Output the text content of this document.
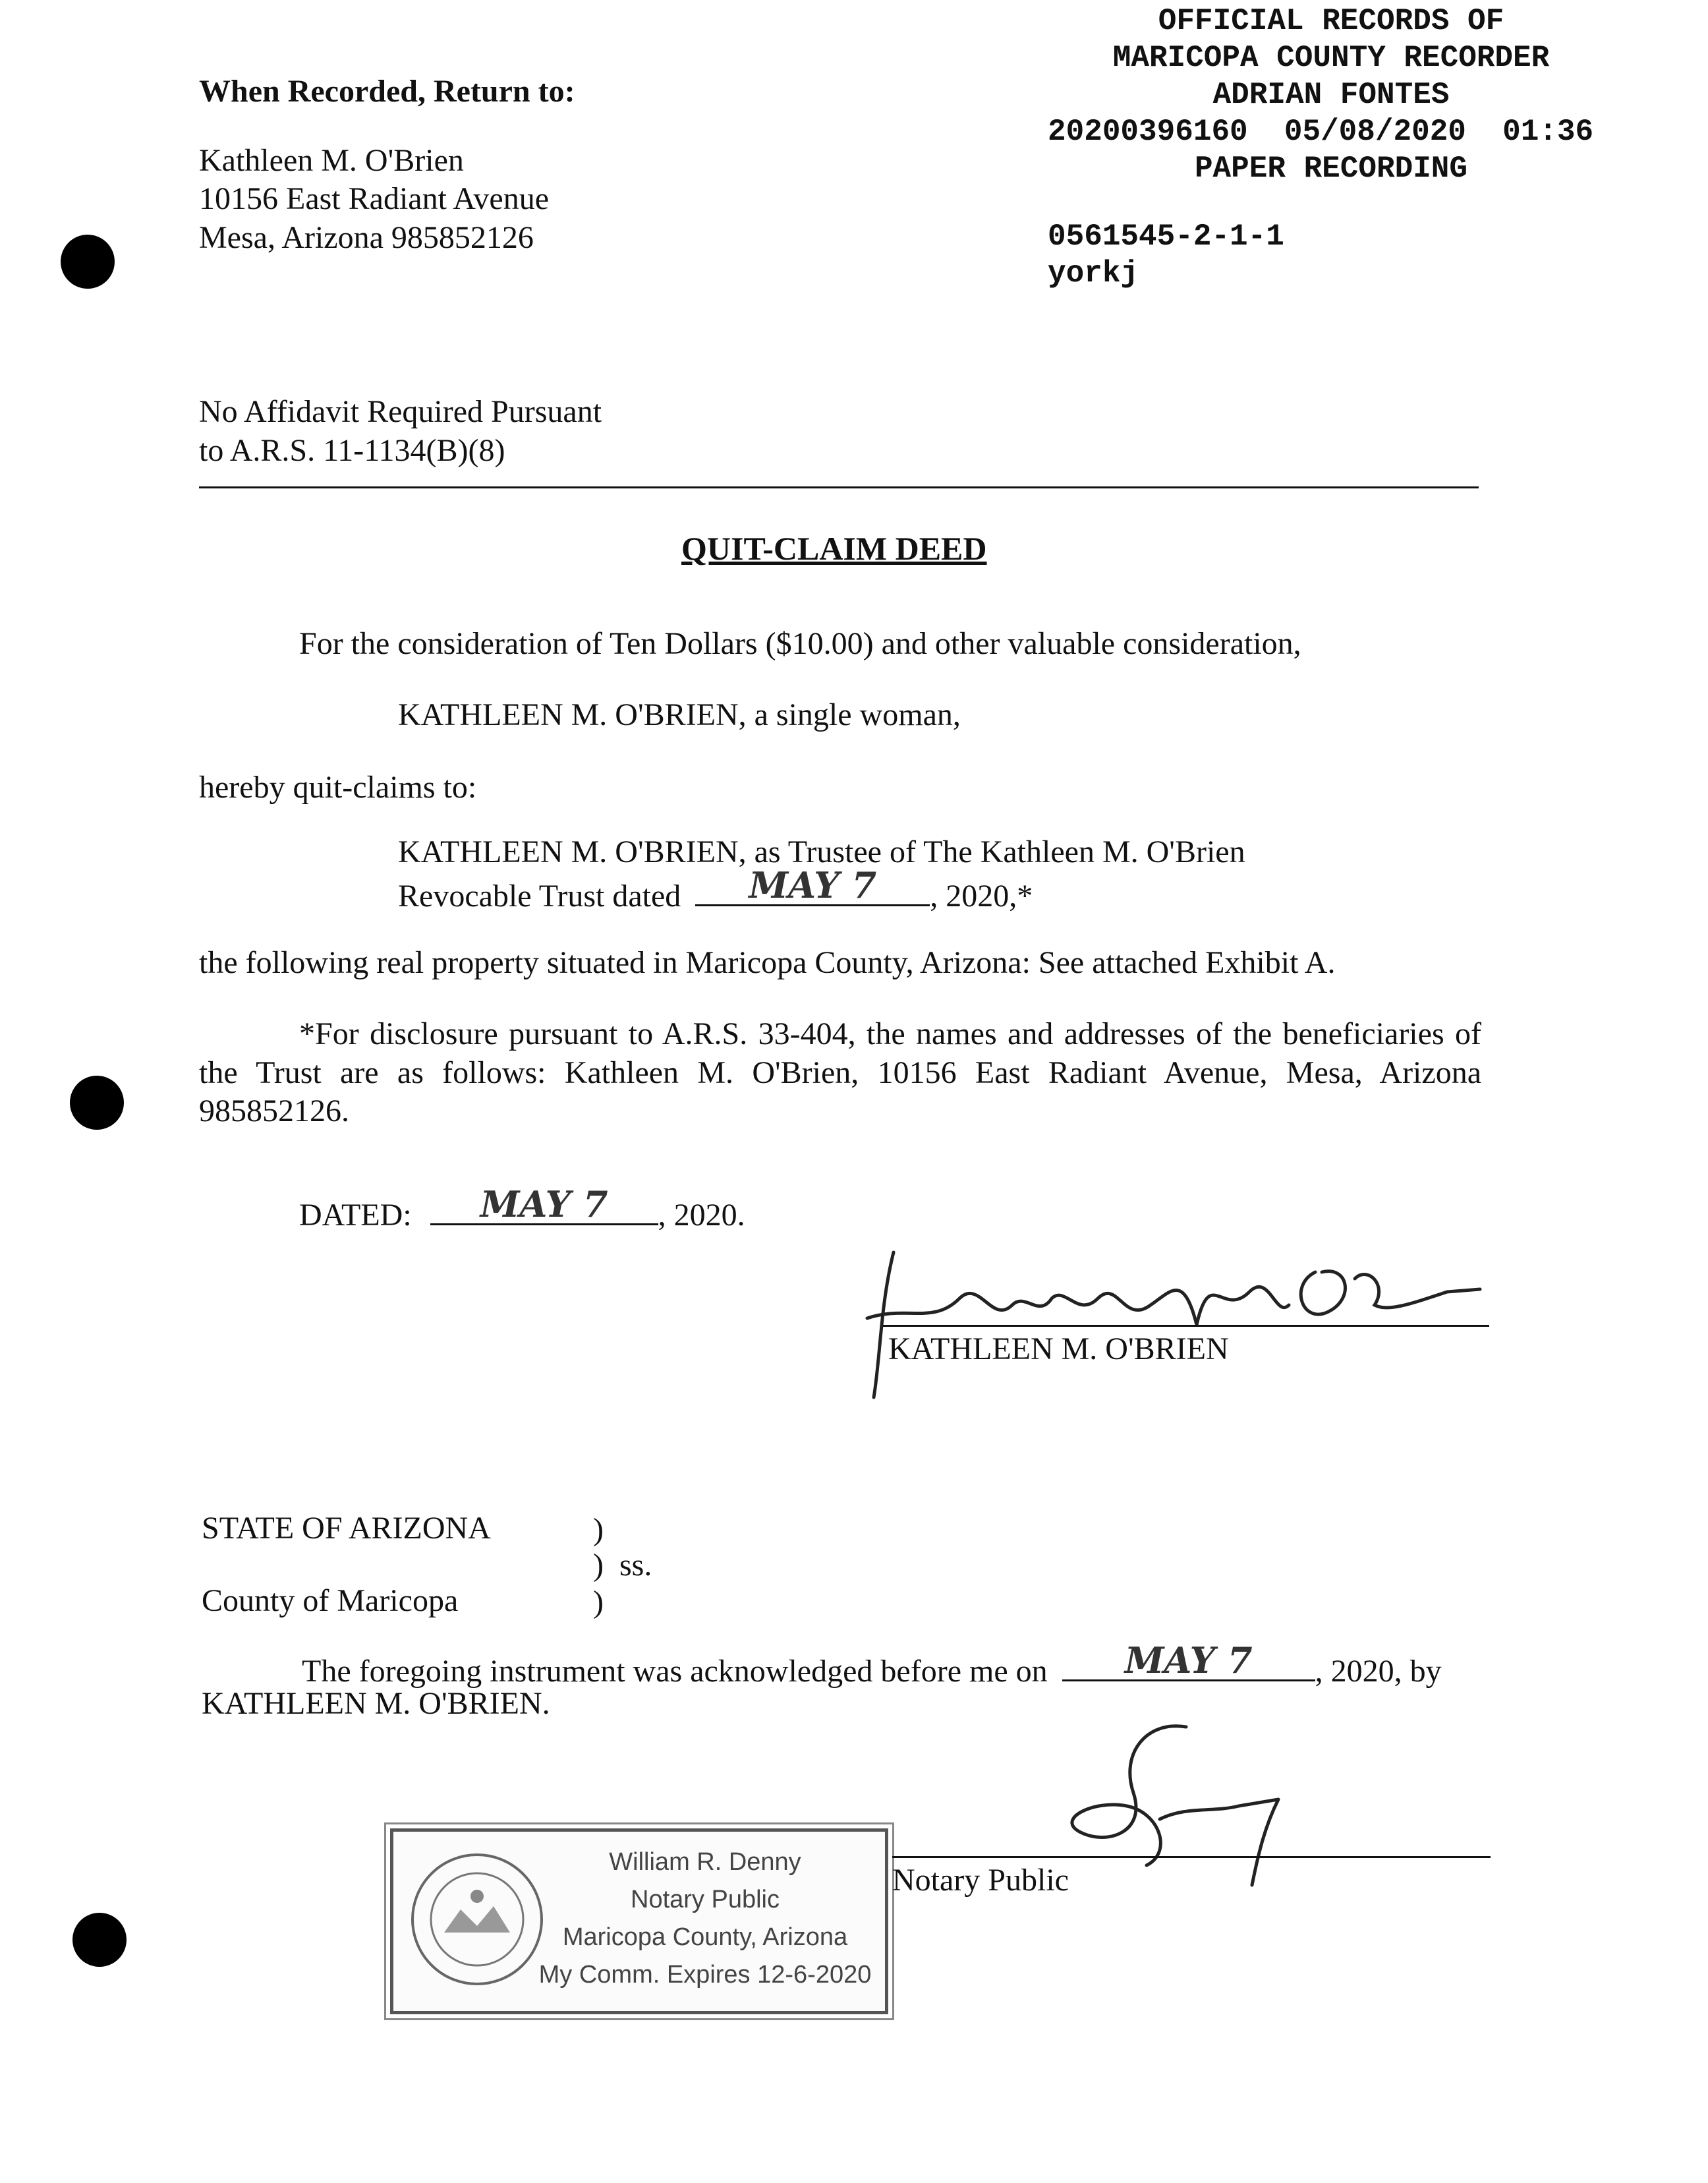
When Recorded, Return to:
Kathleen M. O'Brien
10156 East Radiant Avenue
Mesa, Arizona 985852126
OFFICIAL RECORDS OF
MARICOPA COUNTY RECORDER
ADRIAN FONTES
20200396160  05/08/2020  01:36
PAPER RECORDING
0561545-2-1-1
yorkj
No Affidavit Required Pursuant
to A.R.S. 11-1134(B)(8)
QUIT-CLAIM DEED
For the consideration of Ten Dollars ($10.00) and other valuable consideration,
KATHLEEN M. O'BRIEN, a single woman,
hereby quit-claims to:
KATHLEEN M. O'BRIEN, as Trustee of The Kathleen M. O'Brien
Revocable Trust dated	MAY 7	, 2020,*
the following real property situated in Maricopa County, Arizona: See attached Exhibit A.
*For disclosure pursuant to A.R.S. 33-404, the names and addresses of the beneficiaries of
the Trust are as follows: Kathleen M. O'Brien, 10156 East Radiant Avenue, Mesa, Arizona
985852126.
DATED:	MAY 7	, 2020.
KATHLEEN M. O'BRIEN
STATE OF ARIZONA	)
)  ss.
County of Maricopa	)
The foregoing instrument was acknowledged before me on	MAY 7	, 2020, by
KATHLEEN M. O'BRIEN.
William R. Denny
Notary Public
Maricopa County, Arizona
My Comm. Expires 12-6-2020
Notary Public
